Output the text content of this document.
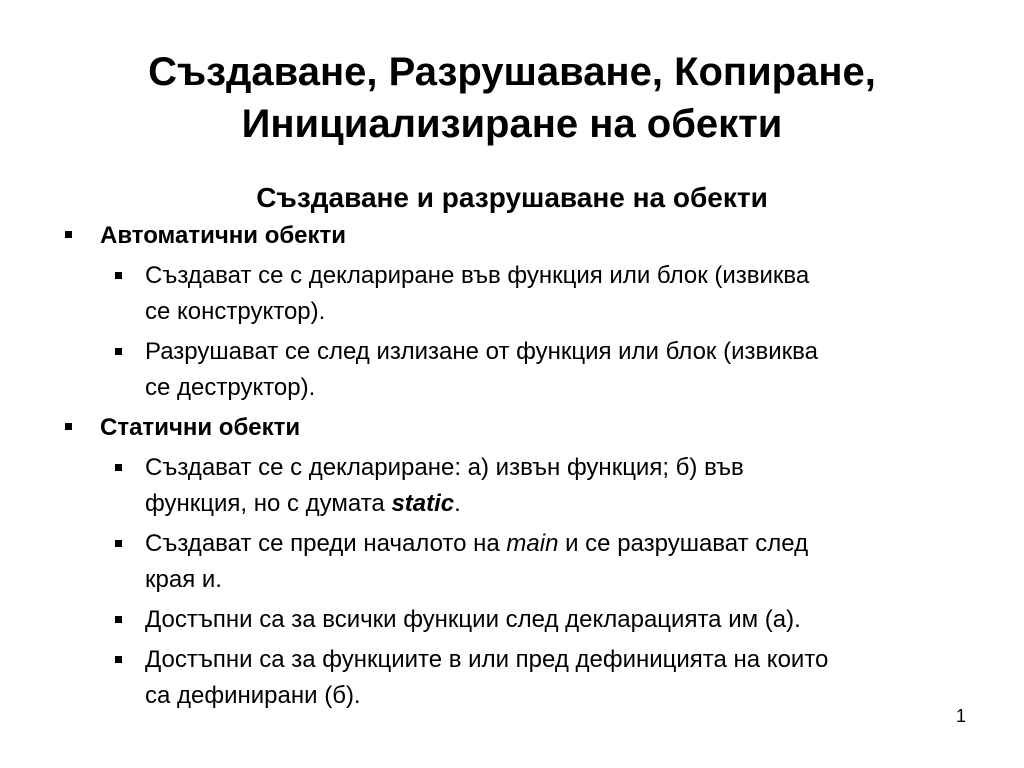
Създаване, Разрушаване, Копиране,
Инициализиране на обекти
Създаване и разрушаване на обекти
Автоматични обекти
Създават се с деклариране във функция или блок (извиква
се конструктор).
Разрушават се след излизане от функция или блок (извиква
се деструктор).
Статични обекти
Създават се с деклариране: а) извън функция; б) във
функция, но с думата static.
Създават се преди началото на main и се разрушават след
края и.
Достъпни са за всички функции след декларацията им (а).
Достъпни са за функциите в или пред дефиницията на които
са дефинирани (б).
1
